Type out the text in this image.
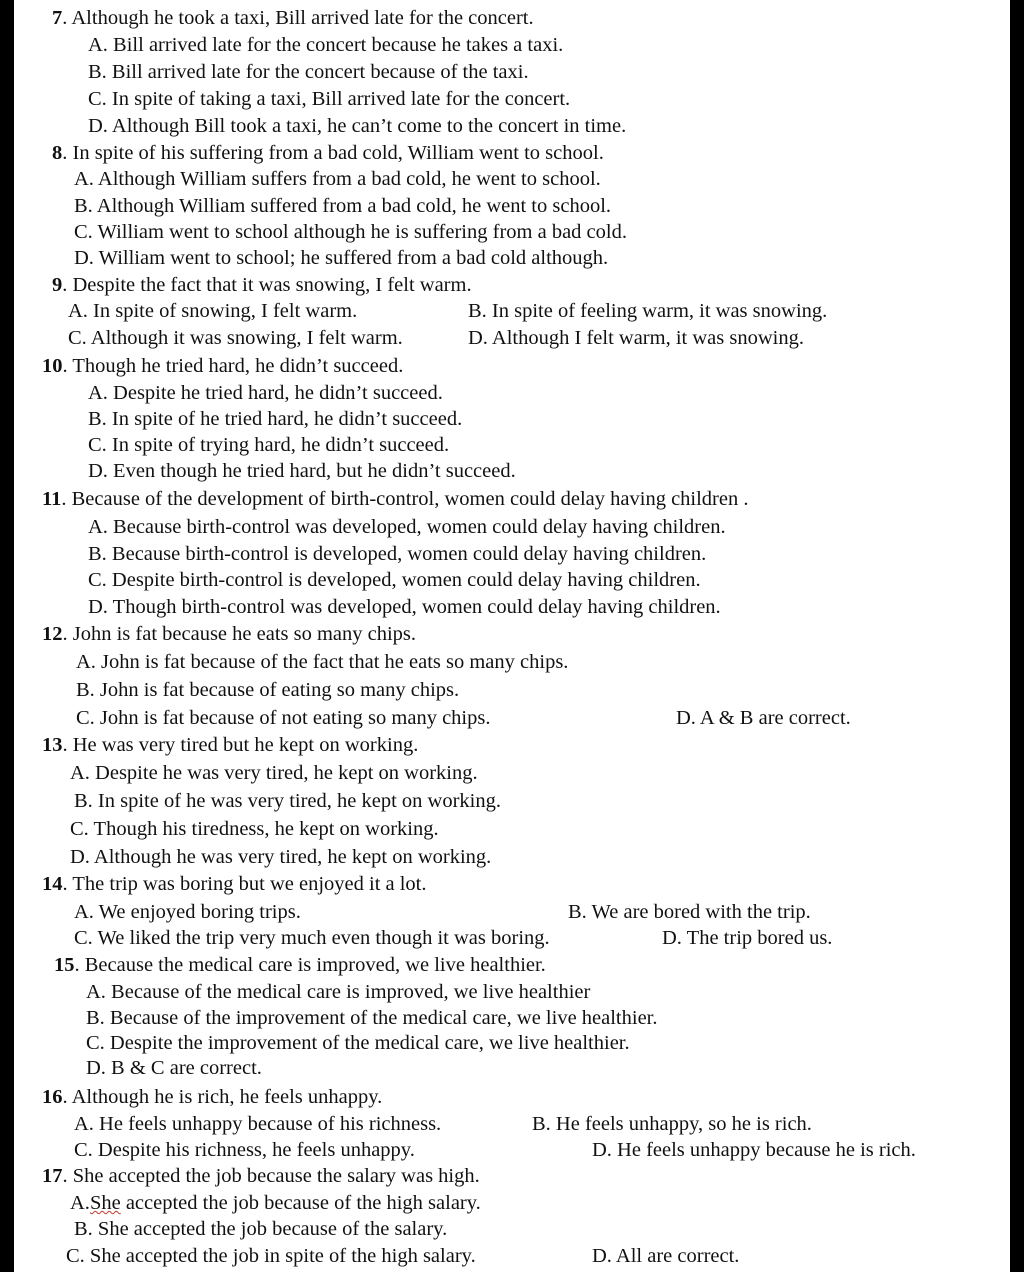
7. Although he took a taxi, Bill arrived late for the concert.
A. Bill arrived late for the concert because he takes a taxi.
B. Bill arrived late for the concert because of the taxi.
C. In spite of taking a taxi, Bill arrived late for the concert.
D. Although Bill took a taxi, he can’t come to the concert in time.
8. In spite of his suffering from a bad cold, William went to school.
A. Although William suffers from a bad cold, he went to school.
B. Although William suffered from a bad cold, he went to school.
C. William went to school although he is suffering from a bad cold.
D. William went to school; he suffered from a bad cold although.
9. Despite the fact that it was snowing, I felt warm.
A. In spite of snowing, I felt warm.	B. In spite of feeling warm, it was snowing.
C. Although it was snowing, I felt warm.	D. Although I felt warm, it was snowing.
10. Though he tried hard, he didn’t succeed.
A. Despite he tried hard, he didn’t succeed.
B. In spite of he tried hard, he didn’t succeed.
C. In spite of trying hard, he didn’t succeed.
D. Even though he tried hard, but he didn’t succeed.
11. Because of the development of birth-control, women could delay having children .
A. Because birth-control was developed, women could delay having children.
B. Because birth-control is developed, women could delay having children.
C. Despite birth-control is developed, women could delay having children.
D. Though birth-control was developed, women could delay having children.
12. John is fat because he eats so many chips.
A. John is fat because of the fact that he eats so many chips.
B. John is fat because of eating so many chips.
C. John is fat because of not eating so many chips.	D. A & B are correct.
13. He was very tired but he kept on working.
A. Despite he was very tired, he kept on working.
B. In spite of he was very tired, he kept on working.
C. Though his tiredness, he kept on working.
D. Although he was very tired, he kept on working.
14. The trip was boring but we enjoyed it a lot.
A. We enjoyed boring trips.	B. We are bored with the trip.
C. We liked the trip very much even though it was boring.	D. The trip bored us.
15. Because the medical care is improved, we live healthier.
A. Because of the medical care is improved, we live healthier
B. Because of the improvement of the medical care, we live healthier.
C. Despite the improvement of the medical care, we live healthier.
D. B & C are correct.
16. Although he is rich, he feels unhappy.
A. He feels unhappy because of his richness.	B. He feels unhappy, so he is rich.
C. Despite his richness, he feels unhappy.	D. He feels unhappy because he is rich.
17. She accepted the job because the salary was high.
A.She accepted the job because of the high salary.
B. She accepted the job because of the salary.
C. She accepted the job in spite of the high salary.	D. All are correct.
